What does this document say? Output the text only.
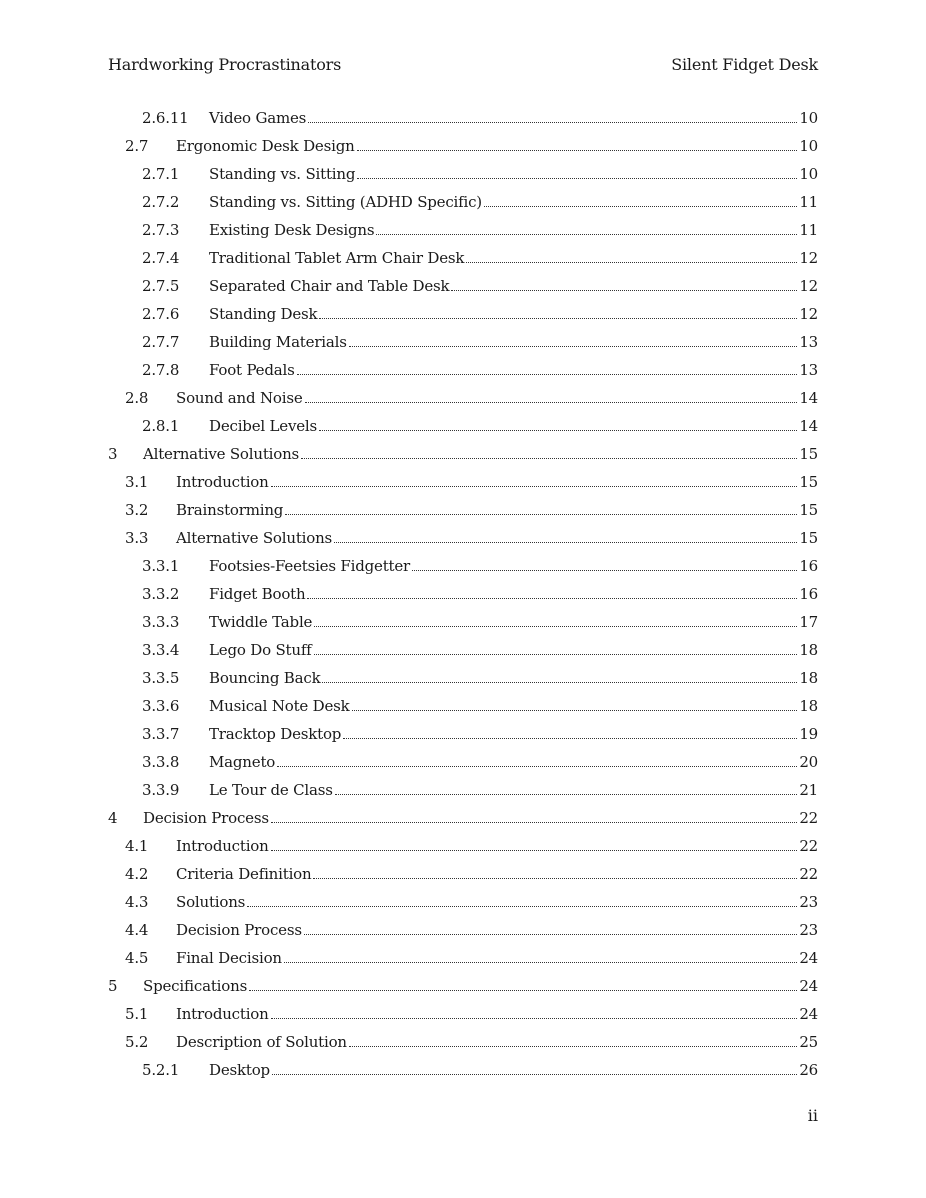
Hardworking Procrastinators	Silent Fidget Desk
2.6.11	Video Games	10
2.7	Ergonomic Desk Design	10
2.7.1	Standing vs. Sitting	10
2.7.2	Standing vs. Sitting (ADHD Specific)	11
2.7.3	Existing Desk Designs	11
2.7.4	Traditional Tablet Arm Chair Desk	12
2.7.5	Separated Chair and Table Desk	12
2.7.6	Standing Desk	12
2.7.7	Building Materials	13
2.7.8	Foot Pedals	13
2.8	Sound and Noise	14
2.8.1	Decibel Levels	14
3	Alternative Solutions	15
3.1	Introduction	15
3.2	Brainstorming	15
3.3	Alternative Solutions	15
3.3.1	Footsies-Feetsies Fidgetter	16
3.3.2	Fidget Booth	16
3.3.3	Twiddle Table	17
3.3.4	Lego Do Stuff	18
3.3.5	Bouncing Back	18
3.3.6	Musical Note Desk	18
3.3.7	Tracktop Desktop	19
3.3.8	Magneto	20
3.3.9	Le Tour de Class	21
4	Decision Process	22
4.1	Introduction	22
4.2	Criteria Definition	22
4.3	Solutions	23
4.4	Decision Process	23
4.5	Final Decision	24
5	Specifications	24
5.1	Introduction	24
5.2	Description of Solution	25
5.2.1	Desktop	26
ii
